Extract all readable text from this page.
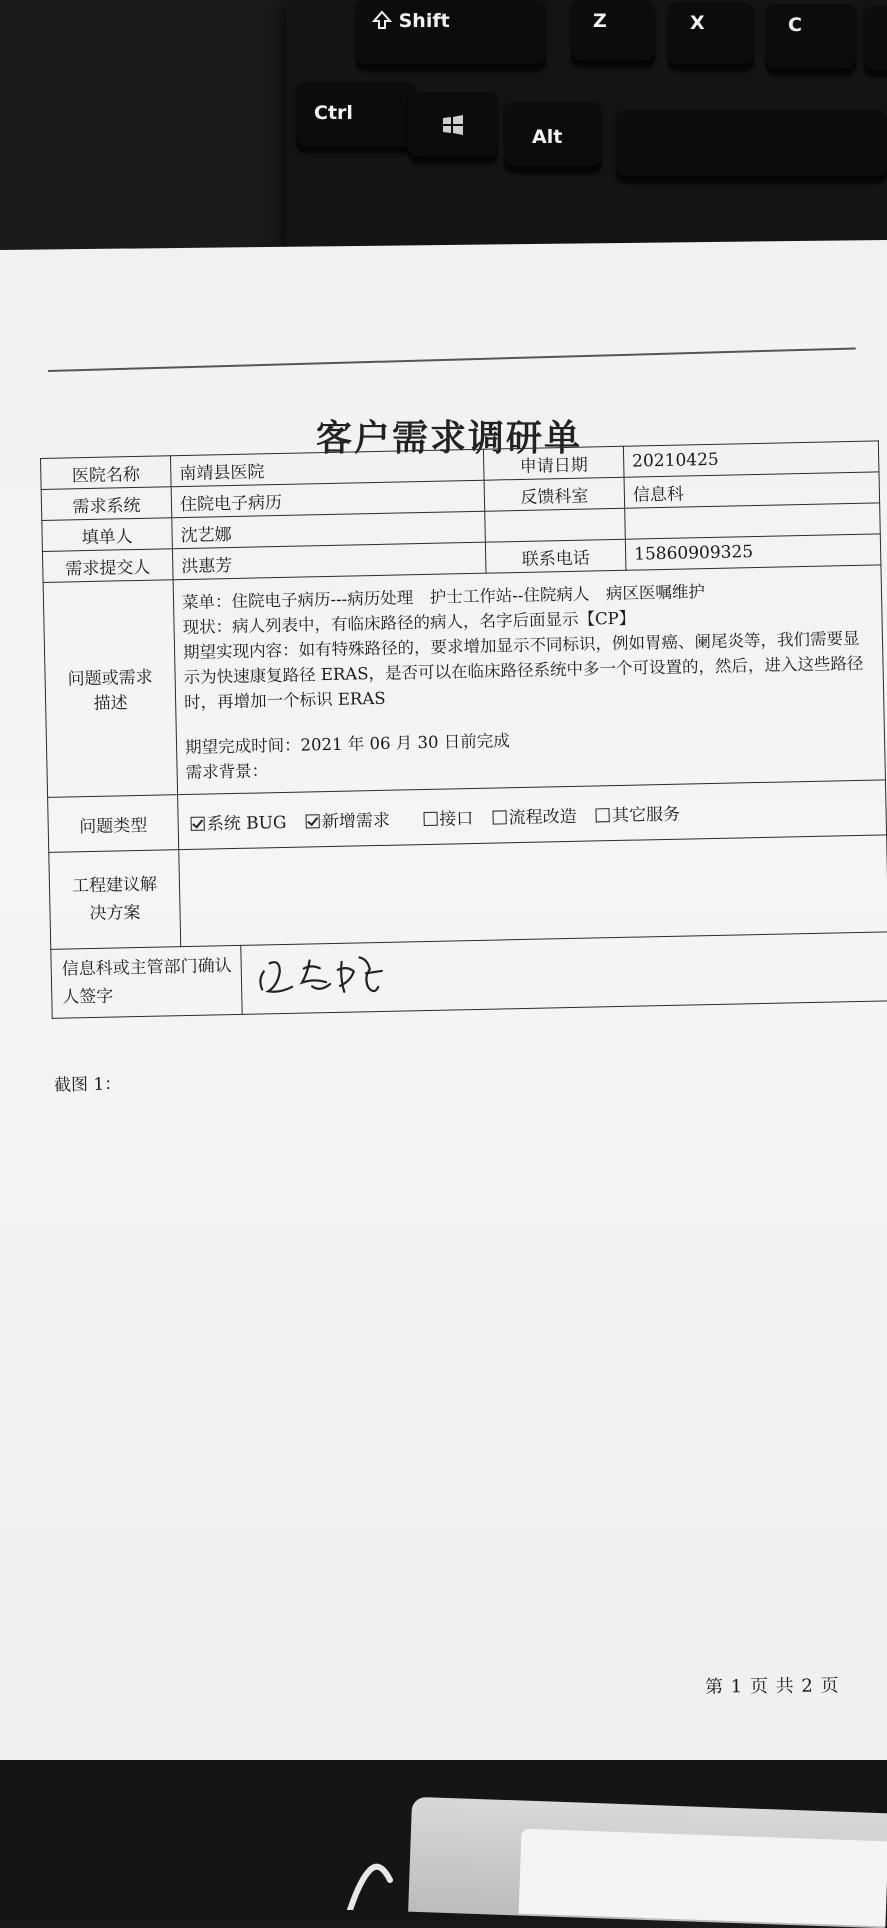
Shift	Z	X	C
Ctrl
Alt
客户需求调研单
医院名称	南靖县医院		申请日期	20210425
需求系统	住院电子病历		反馈科室	信息科
填单人	沈艺娜			
需求提交人	洪惠芳		联系电话	15860909325
问题或需求描述	菜单：住院电子病历---病历处理　护士工作站--住院病人　病区医嘱维护

现状：病人列表中，有临床路径的病人，名字后面显示【CP】

期望实现内容：如有特殊路径的，要求增加显示不同标识，例如胃癌、阑尾炎等，我们需要显示为快速康复路径 ERAS，是否可以在临床路径系统中多一个可设置的，然后，进入这些路径时，再增加一个标识 ERAS

期望完成时间：2021 年 06 月 30 日前完成

需求背景：			

问题类型	系统 BUG 新增需求 接口 流程改造 其它服务			
工程建议解决方案				
信息科或主管部门确认人签字	
截图 1：
第 1 页 共 2 页
